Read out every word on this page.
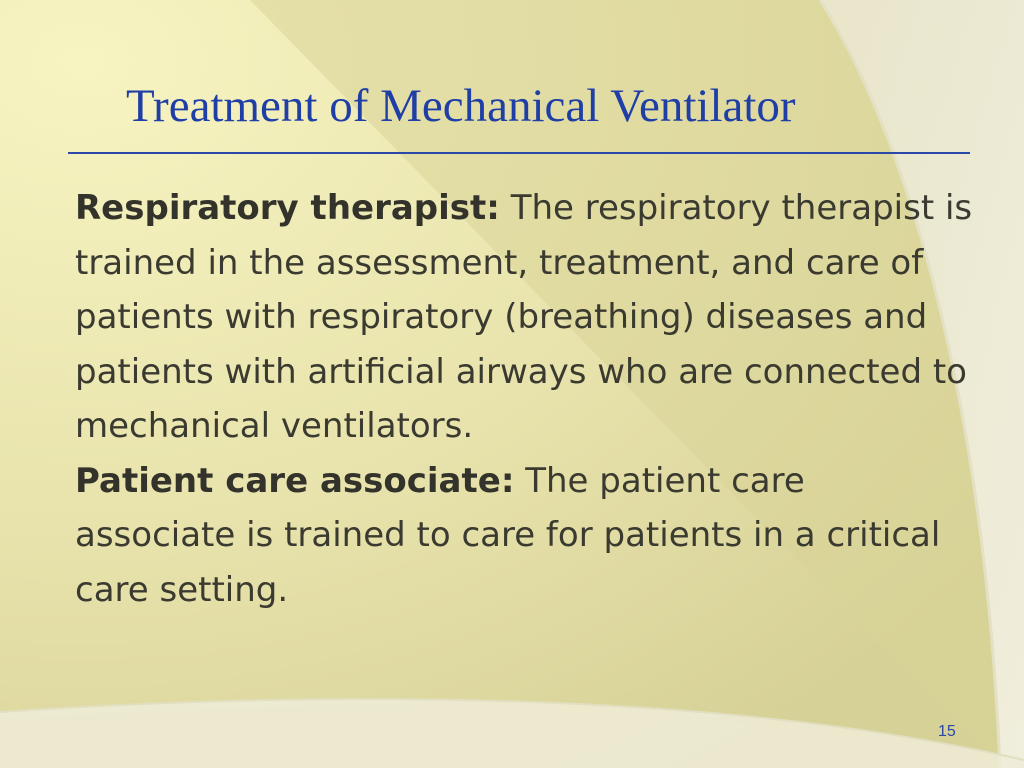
Treatment of Mechanical Ventilator

Respiratory therapist: The respiratory therapist is trained in the assessment, treatment, and care of patients with respiratory (breathing) diseases and patients with artificial airways who are connected to mechanical ventilators.

Patient care associate: The patient care associate is trained to care for patients in a critical care setting.

15
